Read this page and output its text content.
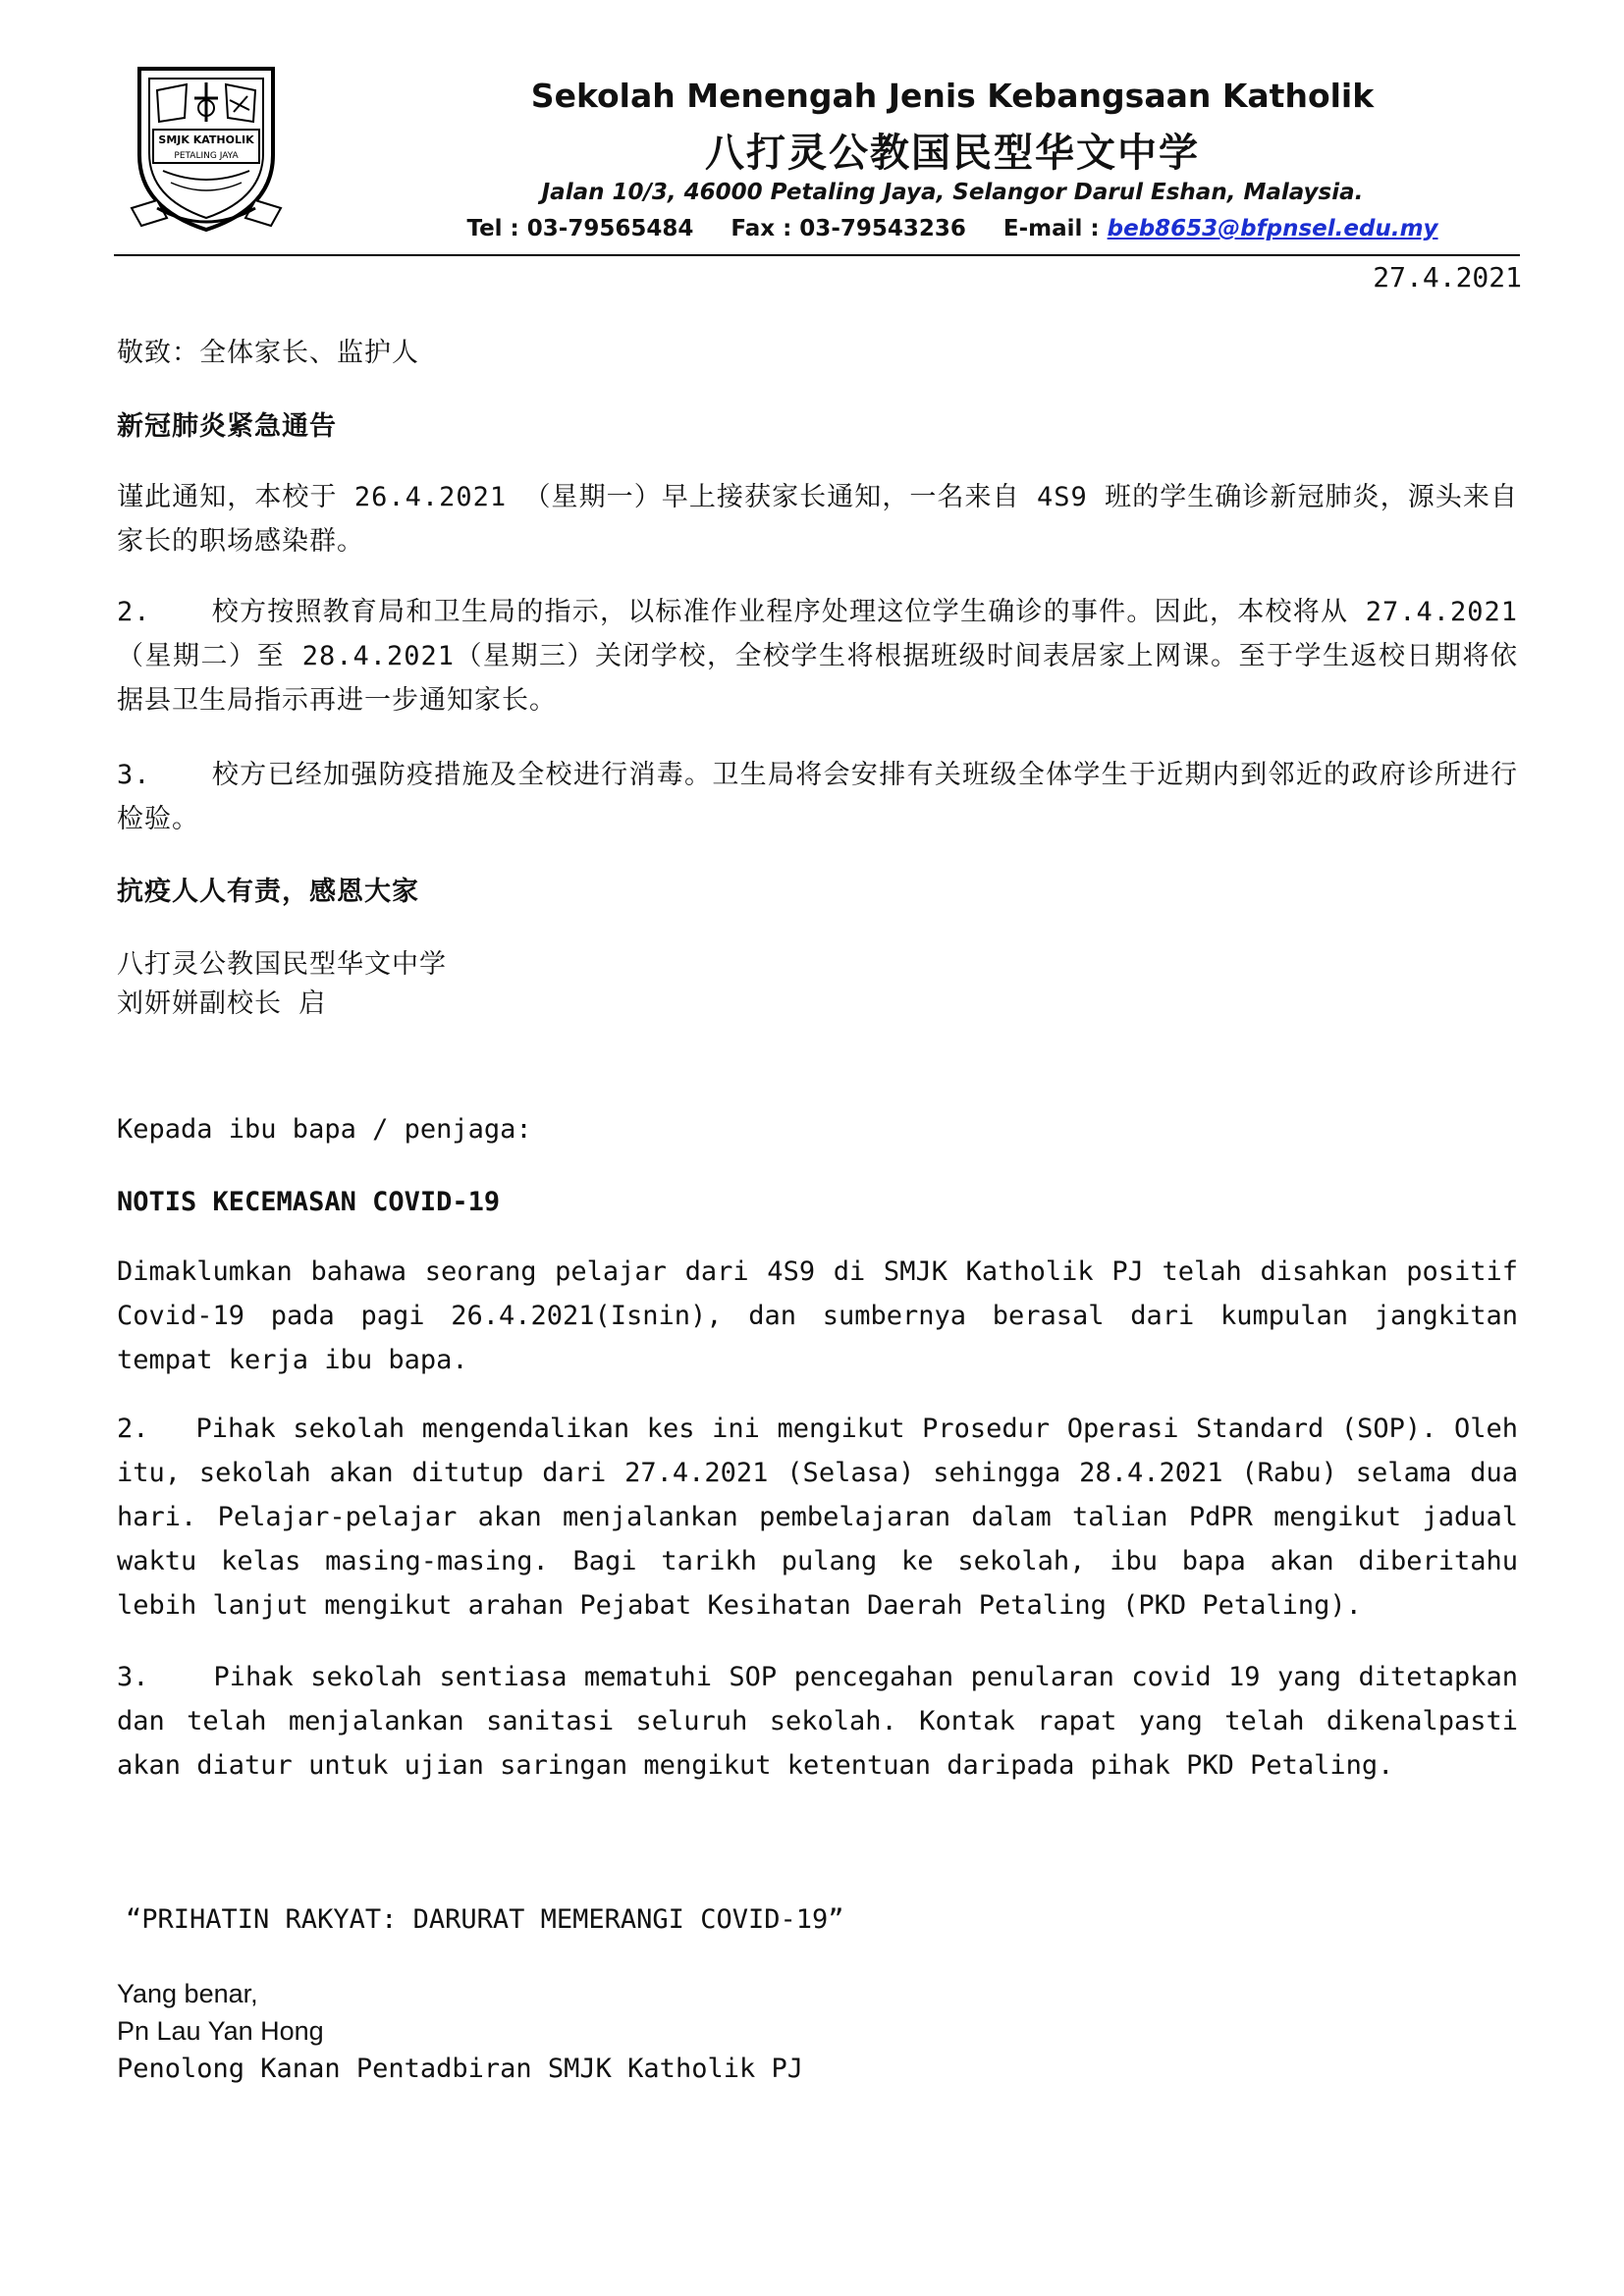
SMJK KATHOLIK
PETALING JAYA
Sekolah Menengah Jenis Kebangsaan Katholik
八打灵公教国民型华文中学
Jalan 10/3, 46000 Petaling Jaya, Selangor Darul Eshan, Malaysia.
Tel : 03-79565484 Fax : 03-79543236 E-mail : beb8653@bfpnsel.edu.my
27.4.2021
敬致：全体家长、监护人
新冠肺炎紧急通告
谨此通知，本校于 26.4.2021 （星期一）早上接获家长通知，一名来自 4S9 班的学生确诊新冠肺炎，源头来自家长的职场感染群。
2. 校方按照教育局和卫生局的指示，以标准作业程序处理这位学生确诊的事件。因此，本校将从 27.4.2021（星期二）至 28.4.2021（星期三）关闭学校，全校学生将根据班级时间表居家上网课。至于学生返校日期将依据县卫生局指示再进一步通知家长。
3. 校方已经加强防疫措施及全校进行消毒。卫生局将会安排有关班级全体学生于近期内到邻近的政府诊所进行检验。
抗疫人人有责，感恩大家
八打灵公教国民型华文中学
刘妍姘副校长 启
Kepada ibu bapa / penjaga:
NOTIS KECEMASAN COVID-19
Dimaklumkan bahawa seorang pelajar dari 4S9 di SMJK Katholik PJ telah disahkan positif Covid-19 pada pagi 26.4.2021(Isnin), dan sumbernya berasal dari kumpulan jangkitan tempat kerja ibu bapa.
2. Pihak sekolah mengendalikan kes ini mengikut Prosedur Operasi Standard (SOP). Oleh itu, sekolah akan ditutup dari 27.4.2021 (Selasa) sehingga 28.4.2021 (Rabu) selama dua hari. Pelajar-pelajar akan menjalankan pembelajaran dalam talian PdPR mengikut jadual waktu kelas masing-masing. Bagi tarikh pulang ke sekolah, ibu bapa akan diberitahu lebih lanjut mengikut arahan Pejabat Kesihatan Daerah Petaling (PKD Petaling).
3. Pihak sekolah sentiasa mematuhi SOP pencegahan penularan covid 19 yang ditetapkan dan telah menjalankan sanitasi seluruh sekolah. Kontak rapat yang telah dikenalpasti akan diatur untuk ujian saringan mengikut ketentuan daripada pihak PKD Petaling.
“PRIHATIN RAKYAT: DARURAT MEMERANGI COVID-19”
Yang benar,
Pn Lau Yan Hong
Penolong Kanan Pentadbiran SMJK Katholik PJ
